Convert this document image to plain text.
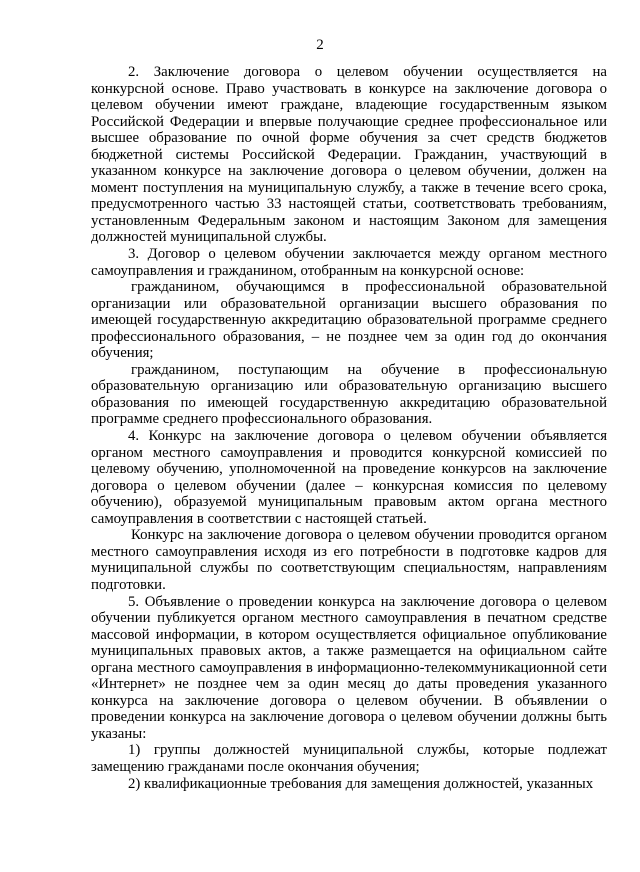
2

2. Заключение договора о целевом обучении осуществляется на конкурсной основе. Право участвовать в конкурсе на заключение договора о целевом обучении имеют граждане, владеющие государственным языком Российской Федерации и впервые получающие среднее профессиональное или высшее образование по очной форме обучения за счет средств бюджетов бюджетной системы Российской Федерации. Гражданин, участвующий в указанном конкурсе на заключение договора о целевом обучении, должен на момент поступления на муниципальную службу, а также в течение всего срока, предусмотренного частью 33 настоящей статьи, соответствовать требованиям, установленным Федеральным законом и настоящим Законом для замещения должностей муниципальной службы.

3. Договор о целевом обучении заключается между органом местного самоуправления и гражданином, отобранным на конкурсной основе:

гражданином, обучающимся в профессиональной образовательной организации или образовательной организации высшего образования по имеющей государственную аккредитацию образовательной программе среднего профессионального образования, – не позднее чем за один год до окончания обучения;

гражданином, поступающим на обучение в профессиональную образовательную организацию или образовательную организацию высшего образования по имеющей государственную аккредитацию образовательной программе среднего профессионального образования.

4. Конкурс на заключение договора о целевом обучении объявляется органом местного самоуправления и проводится конкурсной комиссией по целевому обучению, уполномоченной на проведение конкурсов на заключение договора о целевом обучении (далее – конкурсная комиссия по целевому обучению), образуемой муниципальным правовым актом органа местного самоуправления в соответствии с настоящей статьей.

Конкурс на заключение договора о целевом обучении проводится органом местного самоуправления исходя из его потребности в подготовке кадров для муниципальной службы по соответствующим специальностям, направлениям подготовки.

5. Объявление о проведении конкурса на заключение договора о целевом обучении публикуется органом местного самоуправления в печатном средстве массовой информации, в котором осуществляется официальное опубликование муниципальных правовых актов, а также размещается на официальном сайте органа местного самоуправления в информационно-телекоммуникационной сети «Интернет» не позднее чем за один месяц до даты проведения указанного конкурса на заключение договора о целевом обучении. В объявлении о проведении конкурса на заключение договора о целевом обучении должны быть указаны:

1) группы должностей муниципальной службы, которые подлежат замещению гражданами после окончания обучения;

2) квалификационные требования для замещения должностей, указанных
